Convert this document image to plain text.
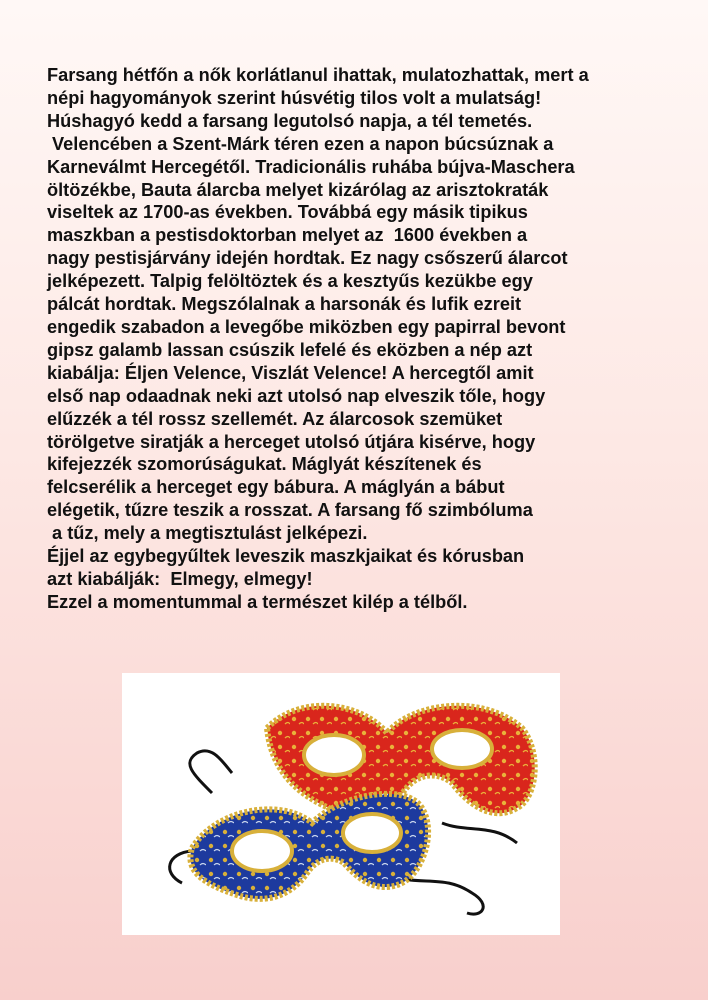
Farsang hétfőn a nők korlátlanul ihattak, mulatozhattak, mert a
népi hagyományok szerint húsvétig tilos volt a mulatság!
Húshagyó kedd a farsang legutolsó napja, a tél temetés.
Velencében a Szent-Márk téren ezen a napon búcsúznak a
Karneválmt Hercegétől. Tradicionális ruhába bújva-Maschera
öltözékbe, Bauta álarcba melyet kizárólag az arisztokraták
viseltek az 1700-as években. Továbbá egy másik tipikus
maszkban a pestisdoktorban melyet az  1600 években a
nagy pestisjárvány idején hordtak. Ez nagy csőszerű álarcot
jelképezett. Talpig felöltöztek és a kesztyűs kezükbe egy
pálcát hordtak. Megszólalnak a harsonák és lufik ezreit
engedik szabadon a levegőbe miközben egy papirral bevont
gipsz galamb lassan csúszik lefelé és eközben a nép azt
kiabálja: Éljen Velence, Viszlát Velence! A hercegtől amit
első nap odaadnak neki azt utolsó nap elveszik tőle, hogy
elűzzék a tél rossz szellemét. Az álarcosok szemüket
törölgetve siratják a herceget utolsó útjára kisérve, hogy
kifejezzék szomorúságukat. Máglyát készítenek és
felcserélik a herceget egy bábura. A máglyán a bábut
elégetik, tűzre teszik a rosszat. A farsang fő szimbóluma
a tűz, mely a megtisztulást jelképezi.
Éjjel az egybegyűltek leveszik maszkjaikat és kórusban
azt kiabálják:  Elmegy, elmegy!
Ezzel a momentummal a természet kilép a télből.
